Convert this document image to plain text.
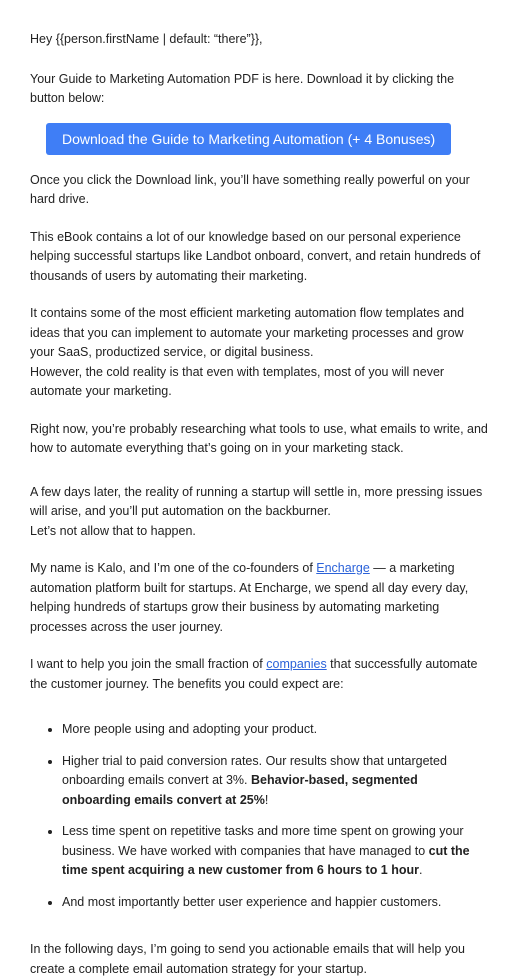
Hey {{person.firstName | default: “there”}},

Your Guide to Marketing Automation PDF is here. Download it by clicking the button below:

Download the Guide to Marketing Automation (+ 4 Bonuses)

Once you click the Download link, you’ll have something really powerful on your hard drive.

This eBook contains a lot of our knowledge based on our personal experience helping successful startups like Landbot onboard, convert, and retain hundreds of thousands of users by automating their marketing.

It contains some of the most efficient marketing automation flow templates and ideas that you can implement to automate your marketing processes and grow your SaaS, productized service, or digital business.

However, the cold reality is that even with templates, most of you will never automate your marketing.

Right now, you’re probably researching what tools to use, what emails to write, and how to automate everything that’s going on in your marketing stack.

A few days later, the reality of running a startup will settle in, more pressing issues will arise, and you’ll put automation on the backburner.

Let’s not allow that to happen.

My name is Kalo, and I’m one of the co-founders of Encharge — a marketing automation platform built for startups. At Encharge, we spend all day every day, helping hundreds of startups grow their business by automating marketing processes across the user journey.

I want to help you join the small fraction of companies that successfully automate the customer journey. The benefits you could expect are:

• More people using and adopting your product.
• Higher trial to paid conversion rates. Our results show that untargeted onboarding emails convert at 3%. Behavior-based, segmented onboarding emails convert at 25%!
• Less time spent on repetitive tasks and more time spent on growing your business. We have worked with companies that have managed to cut the time spent acquiring a new customer from 6 hours to 1 hour.
• And most importantly better user experience and happier customers.

In the following days, I’m going to send you actionable emails that will help you create a complete email automation strategy for your startup.
